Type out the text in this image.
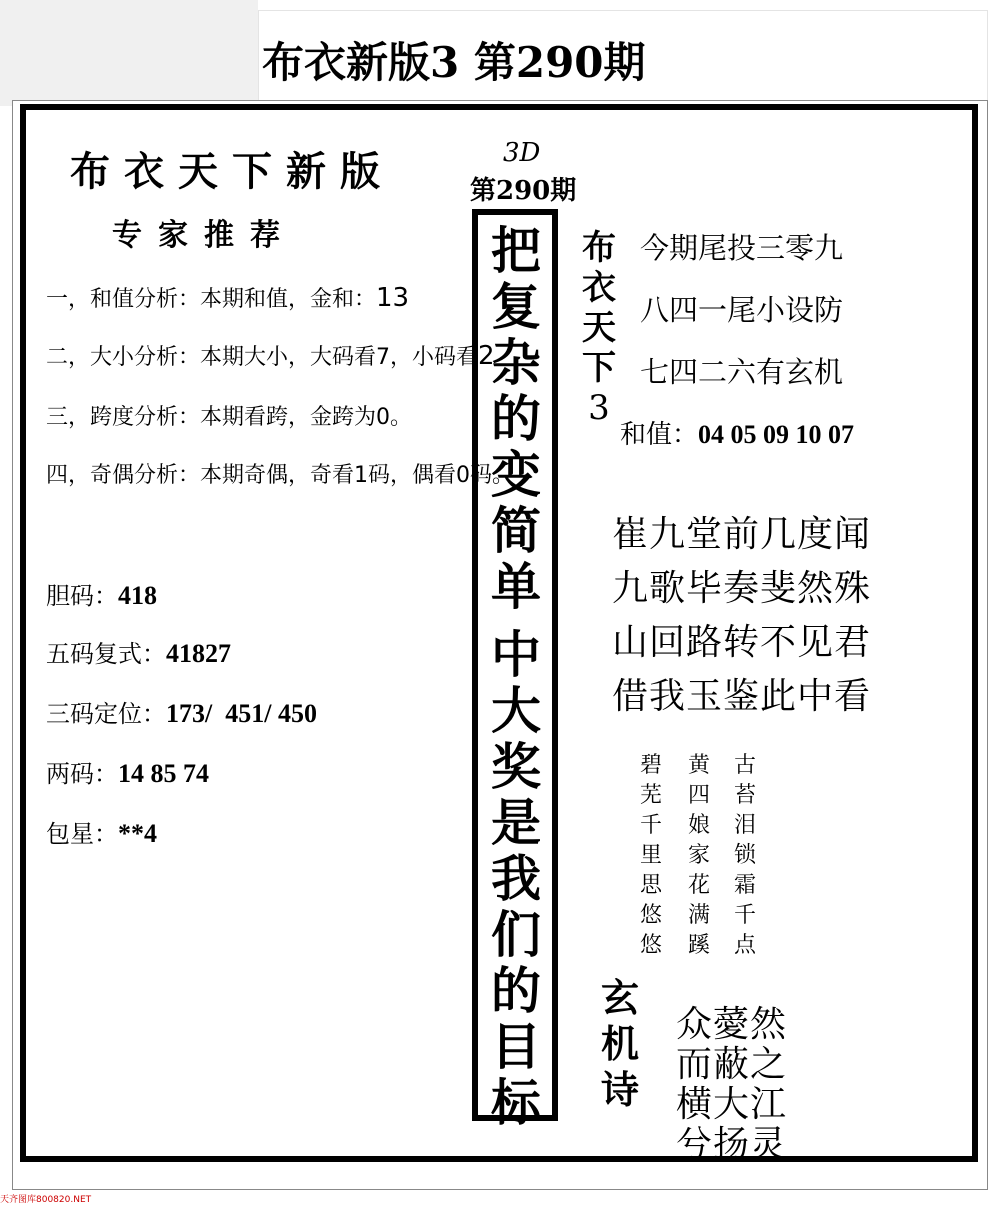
布衣新版3 第290期
布衣天下新版
专家推荐
一，和值分析：本期和值，金和：13
二，大小分析：本期大小，大码看7，小码看2
三，跨度分析：本期看跨，金跨为0。
四，奇偶分析：本期奇偶，奇看1码，偶看0码。
胆码：418
五码复式：41827
三码定位：173/  451/ 450
两码：14 85 74
包星：**4
3D
第290期
把
复
杂
的
变
简
单
中
大
奖
是
我
们
的
目
标
布
衣
天
下
3
今期尾投三零九
八四一尾小设防
七四二六有玄机
和值：04 05 09 10 07
崔九堂前几度闻
九歌毕奏斐然殊
山回路转不见君
借我玉鉴此中看
碧
芜
千
里
思
悠
悠
黄
四
娘
家
花
满
蹊
古
苔
泪
锁
霜
千
点
玄
机
诗
众薆然
而蔽之
横大江
兮扬灵
天齐图库800820.NET
